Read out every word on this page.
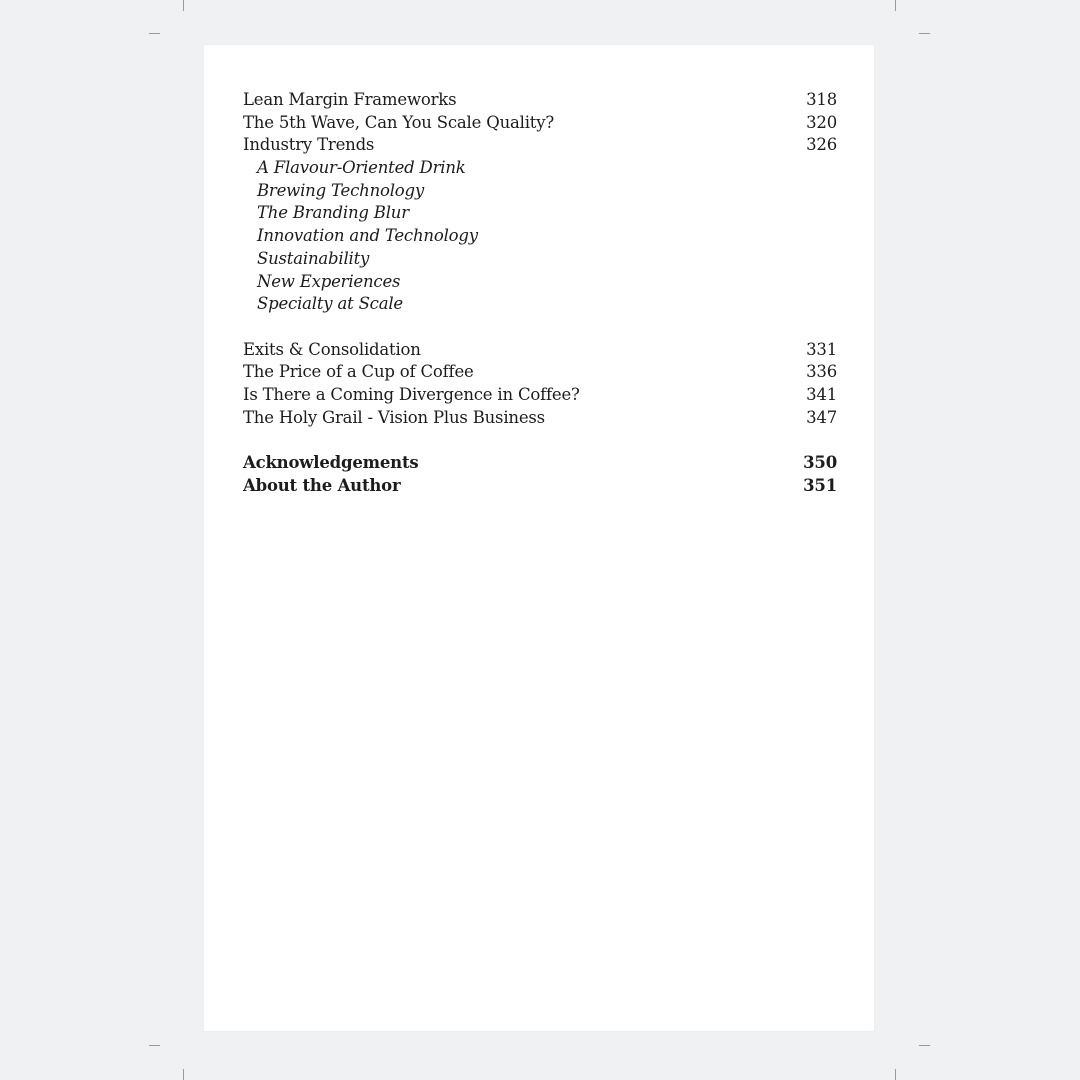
Lean Margin Frameworks	318
The 5th Wave, Can You Scale Quality?	320
Industry Trends	326
A Flavour-Oriented Drink
Brewing Technology
The Branding Blur
Innovation and Technology
Sustainability
New Experiences
Specialty at Scale
Exits & Consolidation	331
The Price of a Cup of Coffee	336
Is There a Coming Divergence in Coffee?	341
The Holy Grail - Vision Plus Business	347
Acknowledgements	350
About the Author	351
